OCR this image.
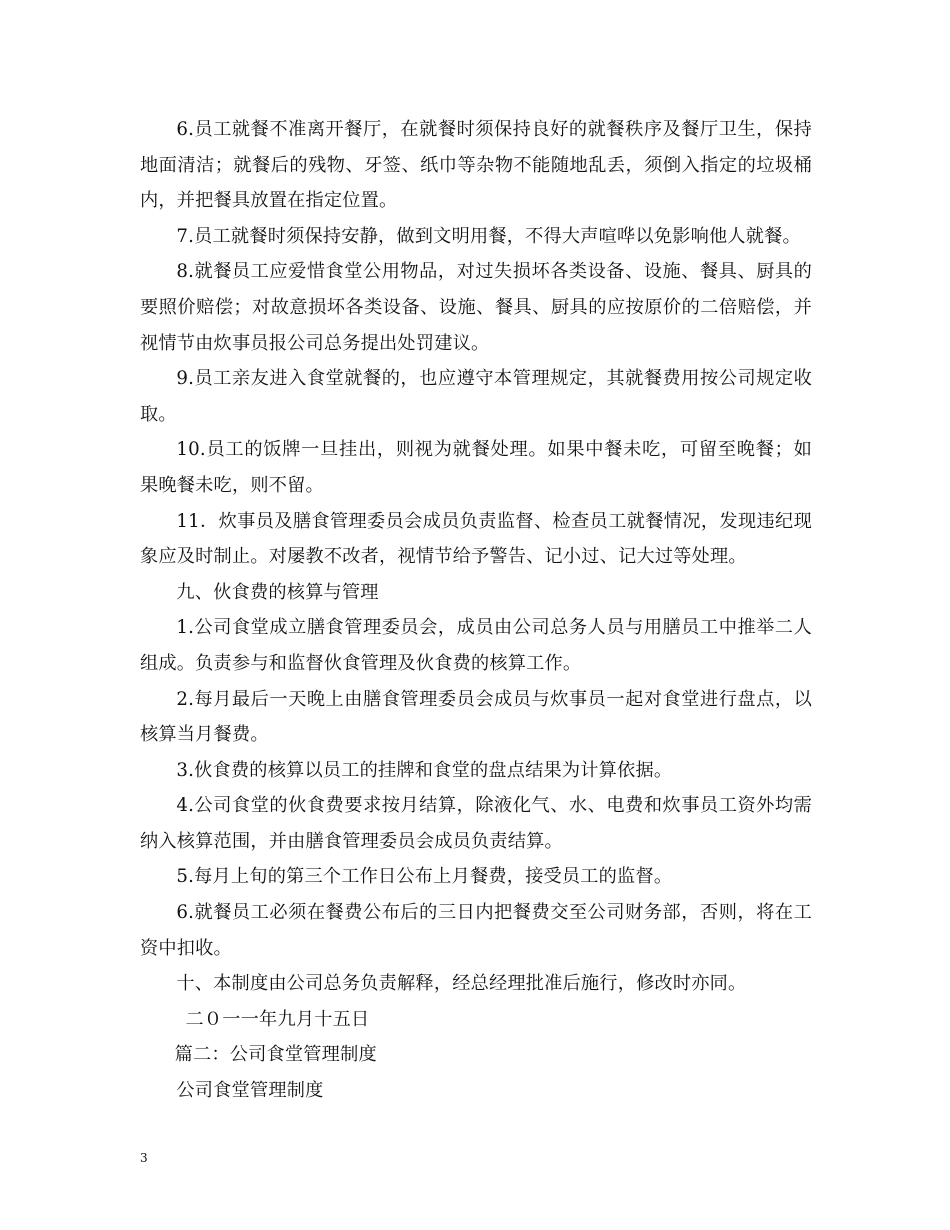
6.员工就餐不准离开餐厅，在就餐时须保持良好的就餐秩序及餐厅卫生，保持地面清洁；就餐后的残物、牙签、纸巾等杂物不能随地乱丢，须倒入指定的垃圾桶内，并把餐具放置在指定位置。

7.员工就餐时须保持安静，做到文明用餐，不得大声喧哗以免影响他人就餐。

8.就餐员工应爱惜食堂公用物品，对过失损坏各类设备、设施、餐具、厨具的要照价赔偿；对故意损坏各类设备、设施、餐具、厨具的应按原价的二倍赔偿，并视情节由炊事员报公司总务提出处罚建议。

9.员工亲友进入食堂就餐的，也应遵守本管理规定，其就餐费用按公司规定收取。

10.员工的饭牌一旦挂出，则视为就餐处理。如果中餐未吃，可留至晚餐；如果晚餐未吃，则不留。

11．炊事员及膳食管理委员会成员负责监督、检查员工就餐情况，发现违纪现象应及时制止。对屡教不改者，视情节给予警告、记小过、记大过等处理。

九、伙食费的核算与管理

1.公司食堂成立膳食管理委员会，成员由公司总务人员与用膳员工中推举二人组成。负责参与和监督伙食管理及伙食费的核算工作。

2.每月最后一天晚上由膳食管理委员会成员与炊事员一起对食堂进行盘点，以核算当月餐费。

3.伙食费的核算以员工的挂牌和食堂的盘点结果为计算依据。

4.公司食堂的伙食费要求按月结算，除液化气、水、电费和炊事员工资外均需纳入核算范围，并由膳食管理委员会成员负责结算。

5.每月上旬的第三个工作日公布上月餐费，接受员工的监督。

6.就餐员工必须在餐费公布后的三日内把餐费交至公司财务部，否则，将在工资中扣收。

十、本制度由公司总务负责解释，经总经理批准后施行，修改时亦同。

二０一一年九月十五日

篇二：公司食堂管理制度

公司食堂管理制度

3
